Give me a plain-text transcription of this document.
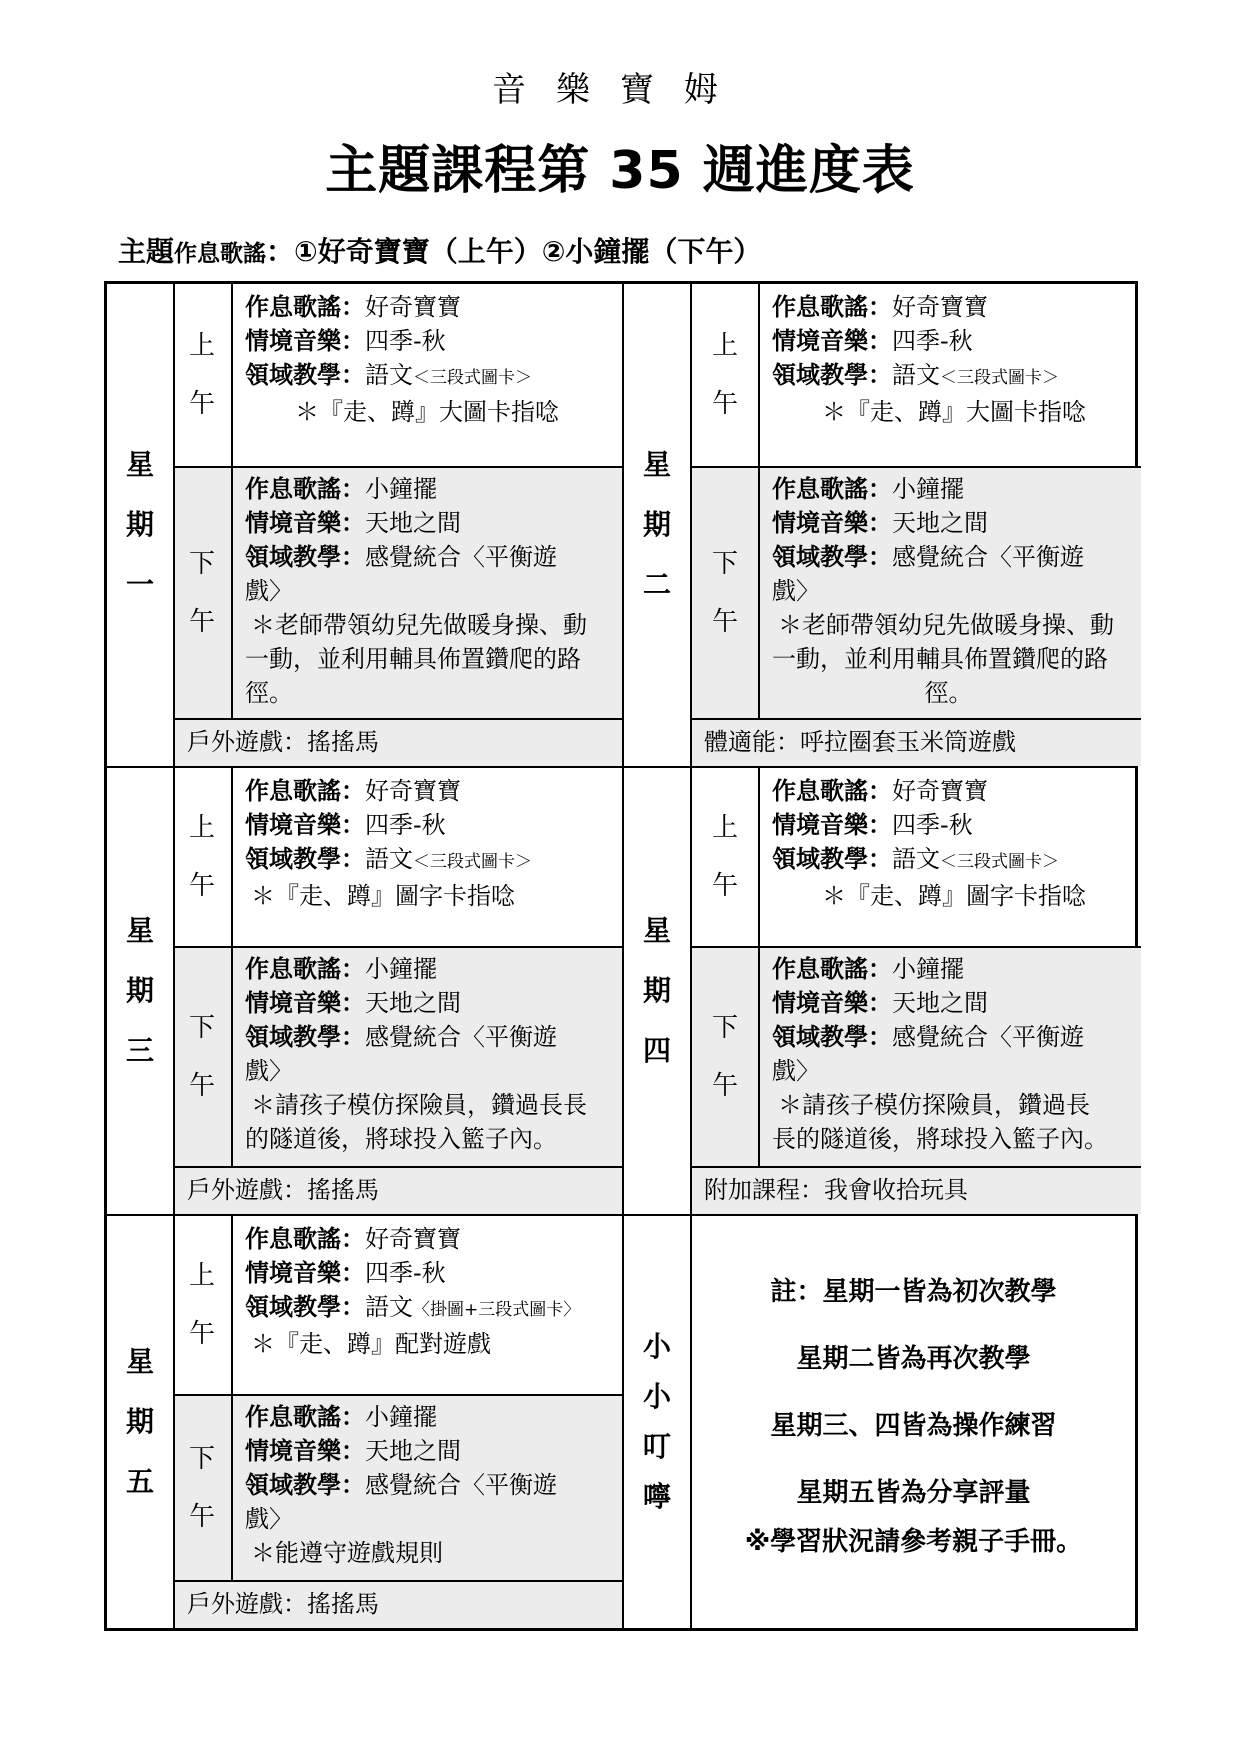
音樂寶姆
主題課程第 35 週進度表
主題作息歌謠：①好奇寶寶（上午）②小鐘擺（下午）
星期一
上午
作息歌謠：好奇寶寶
情境音樂：四季-秋
領域教學：語文＜三段式圖卡＞
＊『走、蹲』大圖卡指唸
下午
作息歌謠：小鐘擺
情境音樂：天地之間
領域教學：感覺統合〈平衡遊
戲〉
＊老師帶領幼兒先做暖身操、動
一動，並利用輔具佈置鑽爬的路
徑。
戶外遊戲：搖搖馬
星期二
上午
作息歌謠：好奇寶寶
情境音樂：四季-秋
領域教學：語文＜三段式圖卡＞
＊『走、蹲』大圖卡指唸
下午
作息歌謠：小鐘擺
情境音樂：天地之間
領域教學：感覺統合〈平衡遊
戲〉
＊老師帶領幼兒先做暖身操、動
一動，並利用輔具佈置鑽爬的路
徑。
體適能：呼拉圈套玉米筒遊戲
星期三
上午
作息歌謠：好奇寶寶
情境音樂：四季-秋
領域教學：語文＜三段式圖卡＞
＊『走、蹲』圖字卡指唸
下午
作息歌謠：小鐘擺
情境音樂：天地之間
領域教學：感覺統合〈平衡遊
戲〉
＊請孩子模仿探險員，鑽過長長
的隧道後，將球投入籃子內。
戶外遊戲：搖搖馬
星期四
上午
作息歌謠：好奇寶寶
情境音樂：四季-秋
領域教學：語文＜三段式圖卡＞
＊『走、蹲』圖字卡指唸
下午
作息歌謠：小鐘擺
情境音樂：天地之間
領域教學：感覺統合〈平衡遊
戲〉
＊請孩子模仿探險員，鑽過長
長的隧道後，將球投入籃子內。
附加課程：我會收拾玩具
星期五
上午
作息歌謠：好奇寶寶
情境音樂：四季-秋
領域教學：語文〈掛圖+三段式圖卡〉
＊『走、蹲』配對遊戲
下午
作息歌謠：小鐘擺
情境音樂：天地之間
領域教學：感覺統合〈平衡遊
戲〉
＊能遵守遊戲規則
戶外遊戲：搖搖馬
小小叮嚀
註：星期一皆為初次教學
星期二皆為再次教學
星期三、四皆為操作練習
星期五皆為分享評量
※學習狀況請參考親子手冊。
